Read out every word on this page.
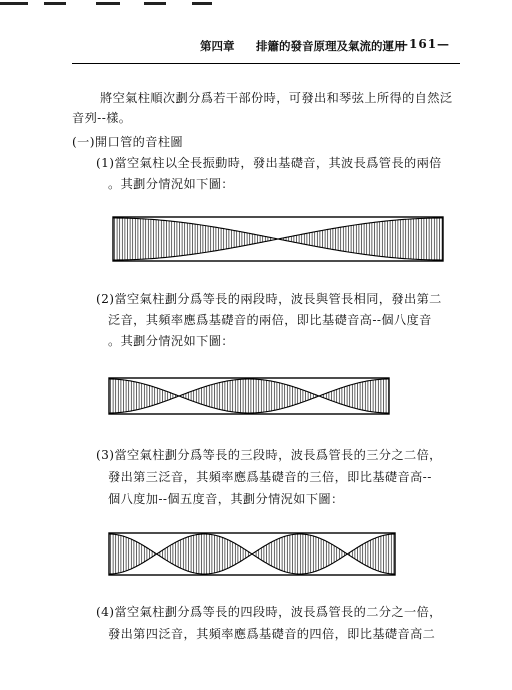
第四章 排簫的發音原理及氣流的運用
—161—
將空氣柱順次劃分爲若干部份時，可發出和琴弦上所得的自然泛
音列--樣。
(一)開口管的音柱圖
(1)當空氣柱以全長振動時，發出基礎音，其波長爲管長的兩倍
。其劃分情況如下圖：
(2)當空氣柱劃分爲等長的兩段時，波長與管長相同，發出第二
泛音，其頻率應爲基礎音的兩倍，即比基礎音高--個八度音
。其劃分情況如下圖：
(3)當空氣柱劃分爲等長的三段時，波長爲管長的三分之二倍，
發出第三泛音，其頻率應爲基礎音的三倍，即比基礎音高--
個八度加--個五度音，其劃分情況如下圖：
(4)當空氣柱劃分爲等長的四段時，波長爲管長的二分之一倍，
發出第四泛音，其頻率應爲基礎音的四倍，即比基礎音高二
